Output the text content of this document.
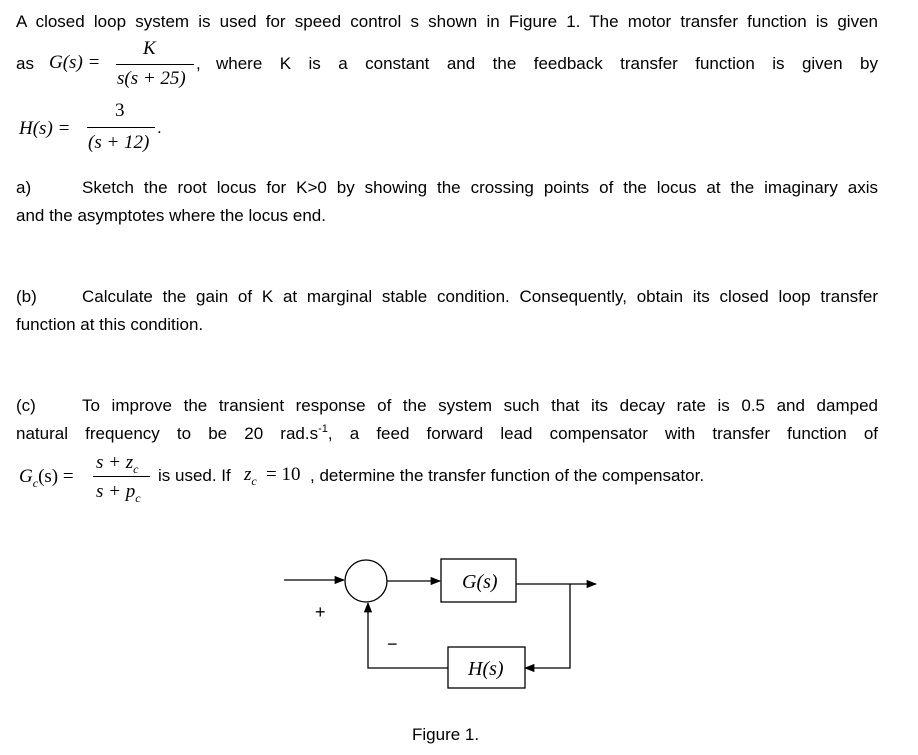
A closed loop system is used for speed control s shown in Figure 1. The motor transfer function is given
as G(s) =
K
s(s + 25)
, where K is a constant and the feedback transfer function is given by
H(s) =
3
(s + 12)
.
a)	Sketch the root locus for K>0 by showing the crossing points of the locus at the imaginary axis
and the asymptotes where the locus end.
(b)	Calculate the gain of K at marginal stable condition. Consequently, obtain its closed loop transfer
function at this condition.
(c)	To improve the transient response of the system such that its decay rate is 0.5 and damped
natural frequency to be 20 $rad.s^{-1}$, a feed forward lead compensator with transfer function of
$G_c(s)$ =
$s + z_c$
$s + p_c$
is used. If $z_c = 10$ , determine the transfer function of the compensator.
G(s)
H(s)
+
−
Figure 1.
